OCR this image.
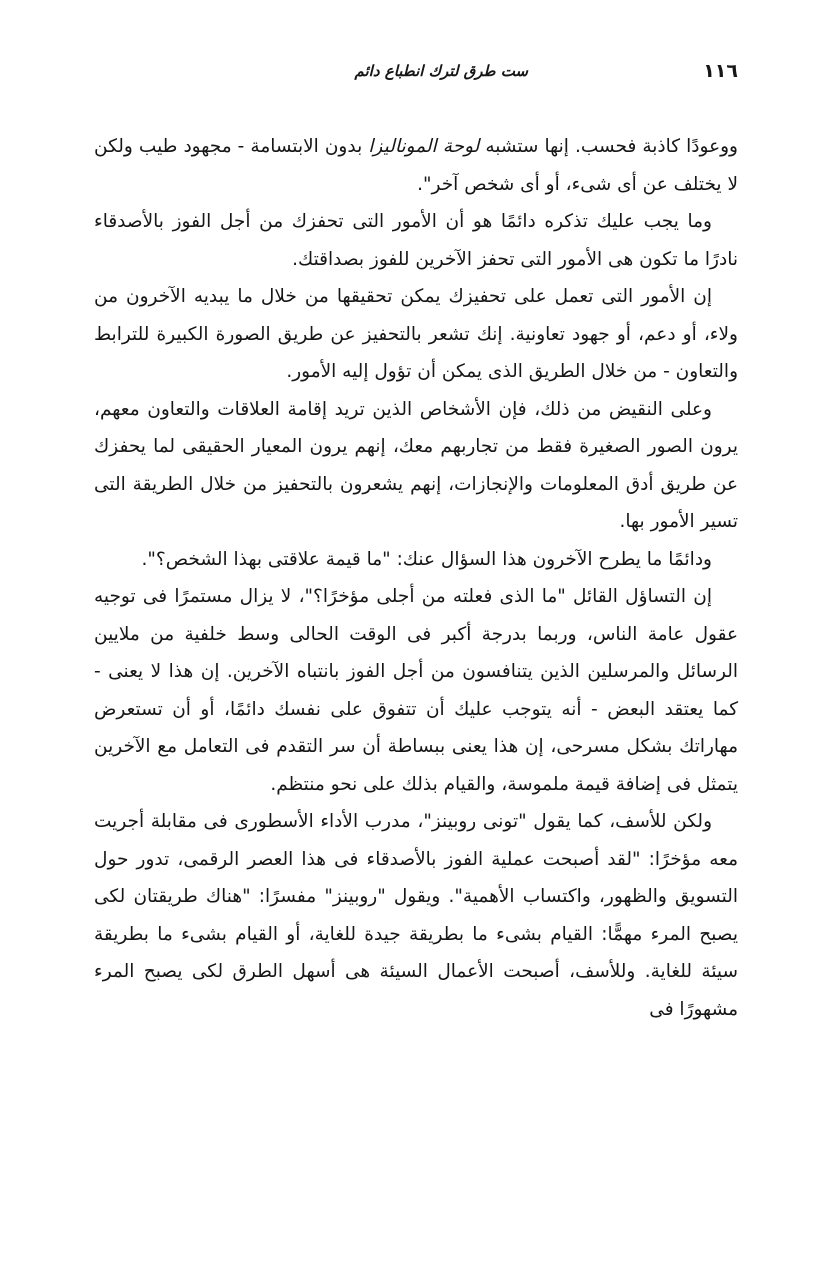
١١٦
ست طرق لترك انطباع دائم

ووعودًا كاذبة فحسب. إنها ستشبه لوحة الموناليزا بدون الابتسامة - مجهود طيب ولكن لا يختلف عن أى شىء، أو أى شخص آخر".

وما يجب عليك تذكره دائمًا هو أن الأمور التى تحفزك من أجل الفوز بالأصدقاء نادرًا ما تكون هى الأمور التى تحفز الآخرين للفوز بصداقتك.

إن الأمور التى تعمل على تحفيزك يمكن تحقيقها من خلال ما يبديه الآخرون من ولاء، أو دعم، أو جهود تعاونية. إنك تشعر بالتحفيز عن طريق الصورة الكبيرة للترابط والتعاون - من خلال الطريق الذى يمكن أن تؤول إليه الأمور.

وعلى النقيض من ذلك، فإن الأشخاص الذين تريد إقامة العلاقات والتعاون معهم، يرون الصور الصغيرة فقط من تجاربهم معك، إنهم يرون المعيار الحقيقى لما يحفزك عن طريق أدق المعلومات والإنجازات، إنهم يشعرون بالتحفيز من خلال الطريقة التى تسير الأمور بها.

ودائمًا ما يطرح الآخرون هذا السؤال عنك: "ما قيمة علاقتى بهذا الشخص؟".

إن التساؤل القائل "ما الذى فعلته من أجلى مؤخرًا؟"، لا يزال مستمرًا فى توجيه عقول عامة الناس، وربما بدرجة أكبر فى الوقت الحالى وسط خلفية من ملايين الرسائل والمرسلين الذين يتنافسون من أجل الفوز بانتباه الآخرين. إن هذا لا يعنى - كما يعتقد البعض - أنه يتوجب عليك أن تتفوق على نفسك دائمًا، أو أن تستعرض مهاراتك بشكل مسرحى، إن هذا يعنى ببساطة أن سر التقدم فى التعامل مع الآخرين يتمثل فى إضافة قيمة ملموسة، والقيام بذلك على نحو منتظم.

ولكن للأسف، كما يقول "تونى روبينز"، مدرب الأداء الأسطورى فى مقابلة أجريت معه مؤخرًا: "لقد أصبحت عملية الفوز بالأصدقاء فى هذا العصر الرقمى، تدور حول التسويق والظهور، واكتساب الأهمية". ويقول "روبينز" مفسرًا: "هناك طريقتان لكى يصبح المرء مهمًّا: القيام بشىء ما بطريقة جيدة للغاية، أو القيام بشىء ما بطريقة سيئة للغاية. وللأسف، أصبحت الأعمال السيئة هى أسهل الطرق لكى يصبح المرء مشهورًا فى
